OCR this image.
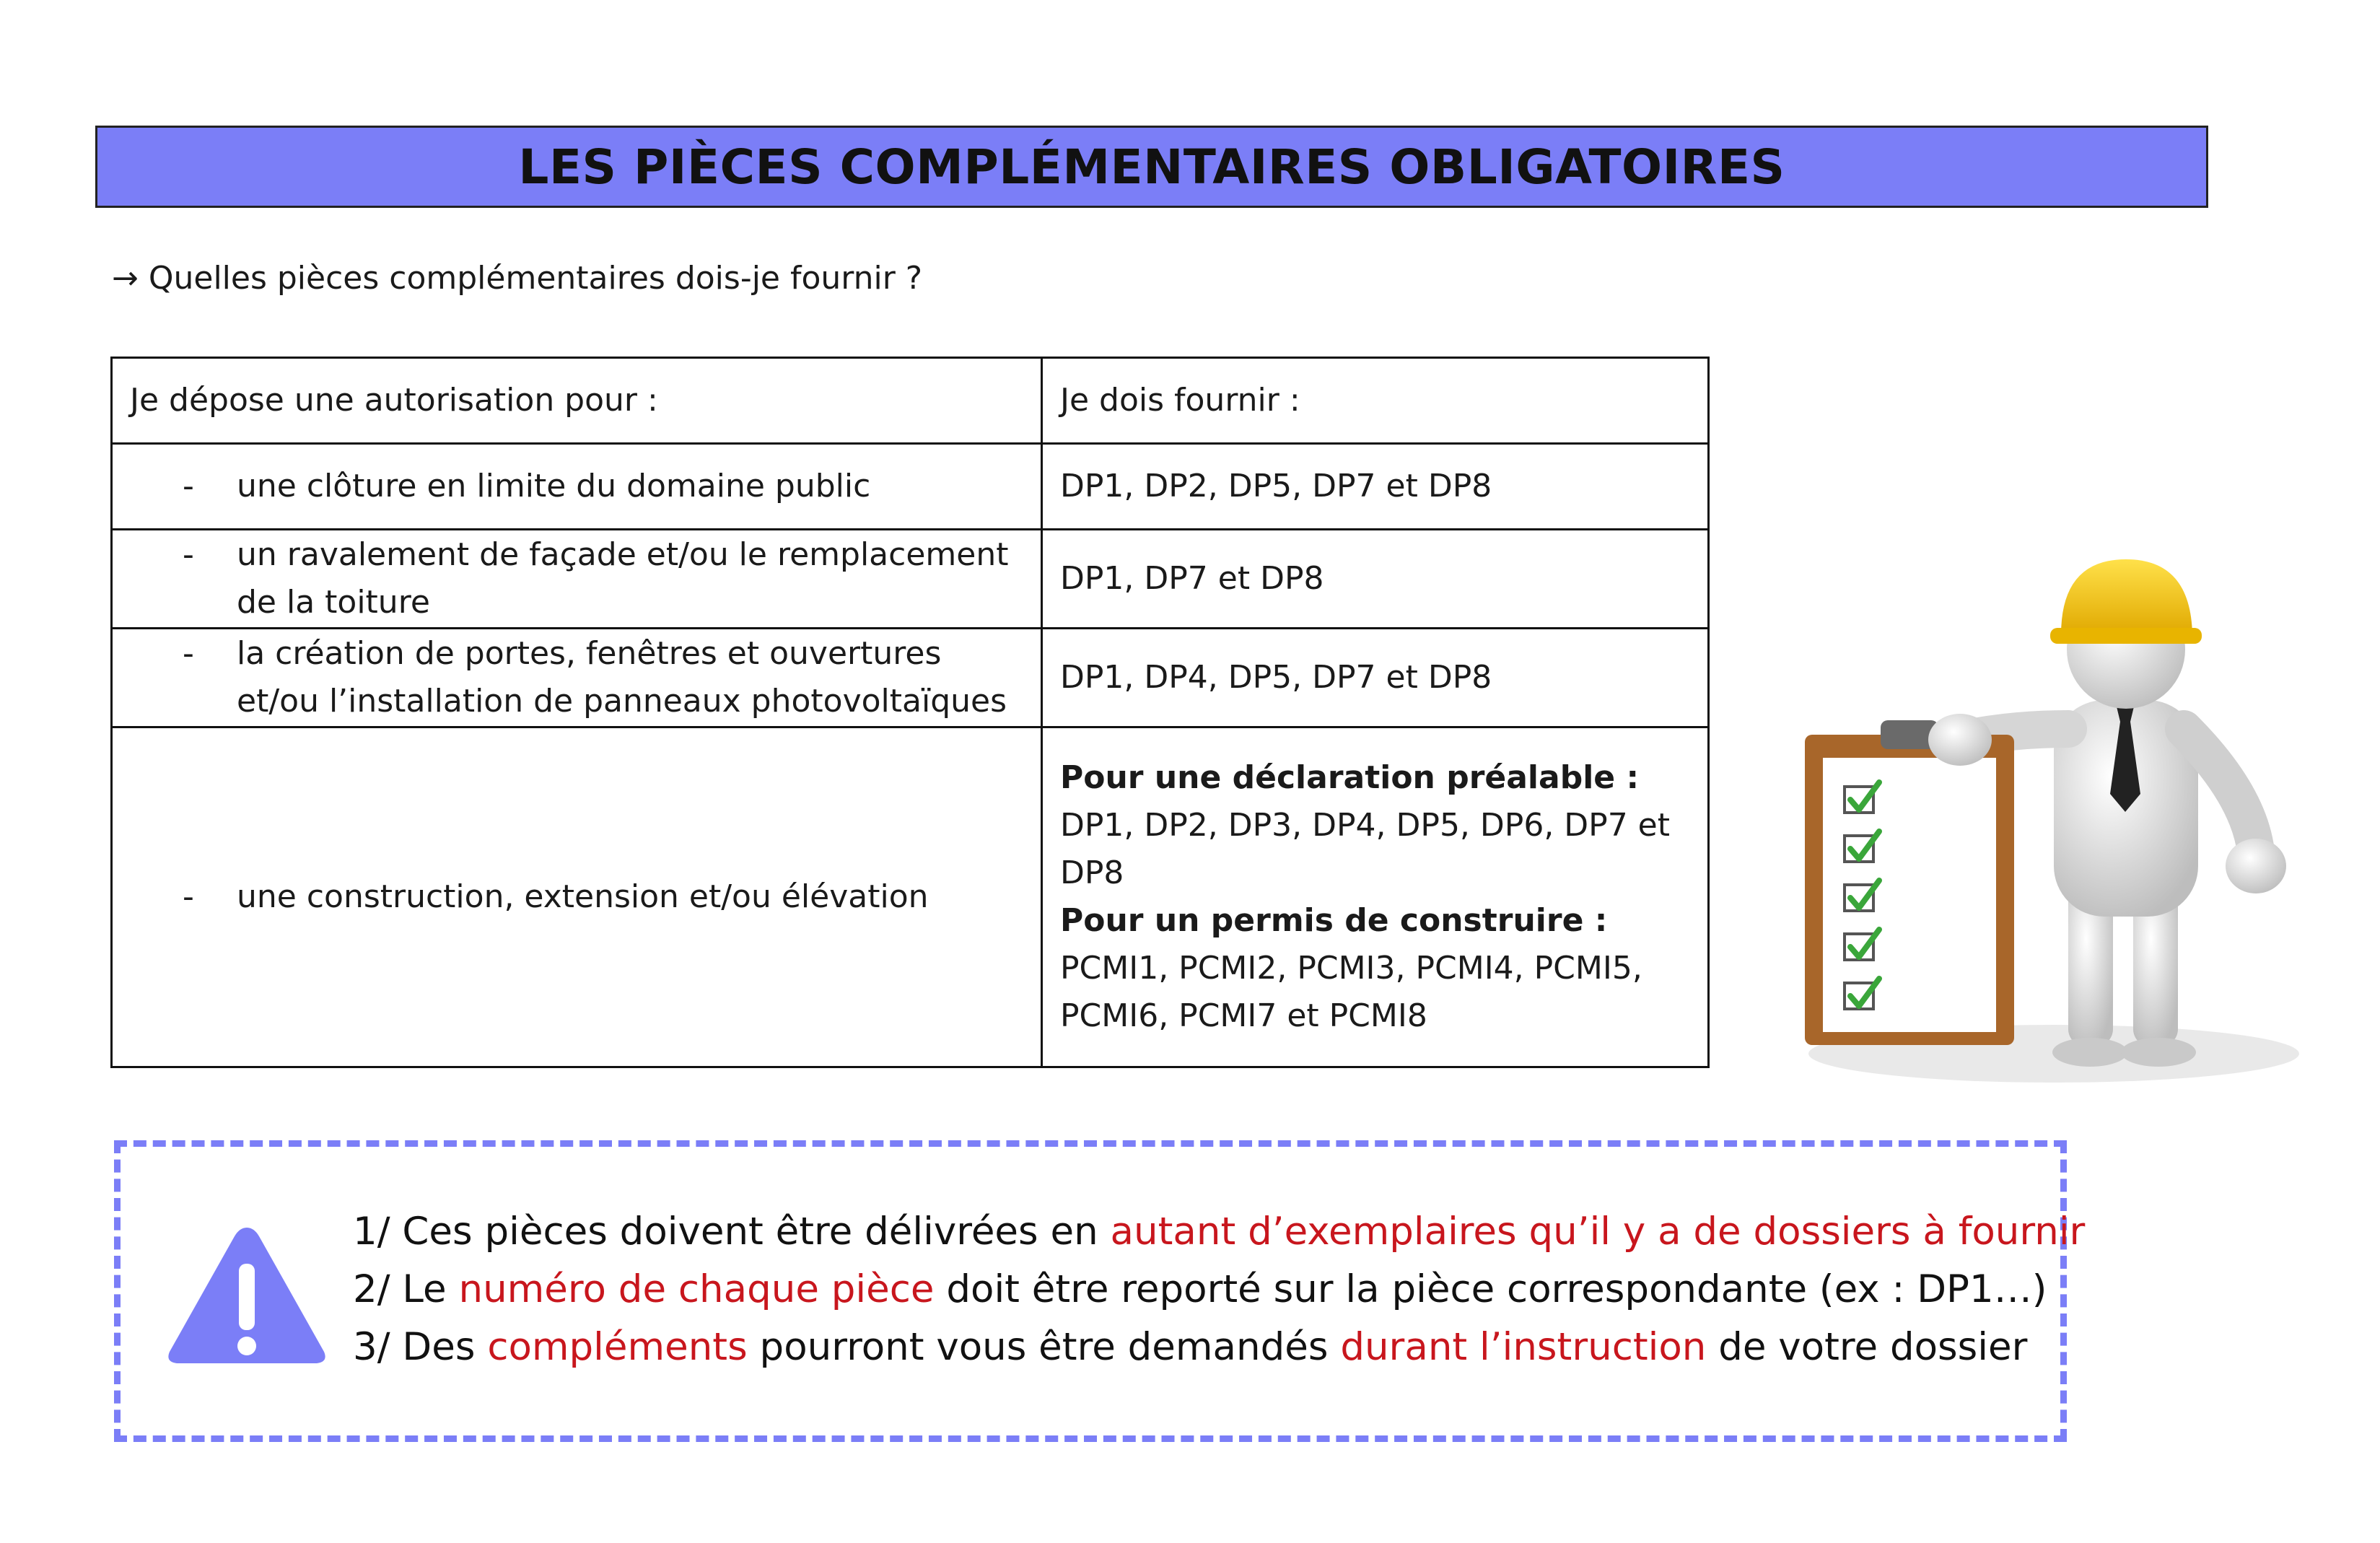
LES PIÈCES COMPLÉMENTAIRES OBLIGATOIRES
→ Quelles pièces complémentaires dois-je fournir ?
Je dépose une autorisation pour :	Je dois fournir :

- une clôture en limite du domaine public	DP1, DP2, DP5, DP7 et DP8

- un ravalement de façade et/ou le remplacement de la toiture	DP1, DP7 et DP8

- la création de portes, fenêtres et ouvertures et/ou l’installation de panneaux photovoltaïques	DP1, DP4, DP5, DP7 et DP8

- une construction, extension et/ou élévation	Pour une déclaration préalable :
DP1, DP2, DP3, DP4, DP5, DP6, DP7 et DP8
Pour un permis de construire :
PCMI1, PCMI2, PCMI3, PCMI4, PCMI5, PCMI6, PCMI7 et PCMI8
1/ Ces pièces doivent être délivrées en autant d’exemplaires qu’il y a de dossiers à fournir
2/ Le numéro de chaque pièce doit être reporté sur la pièce correspondante (ex : DP1…)
3/ Des compléments pourront vous être demandés durant l’instruction de votre dossier
